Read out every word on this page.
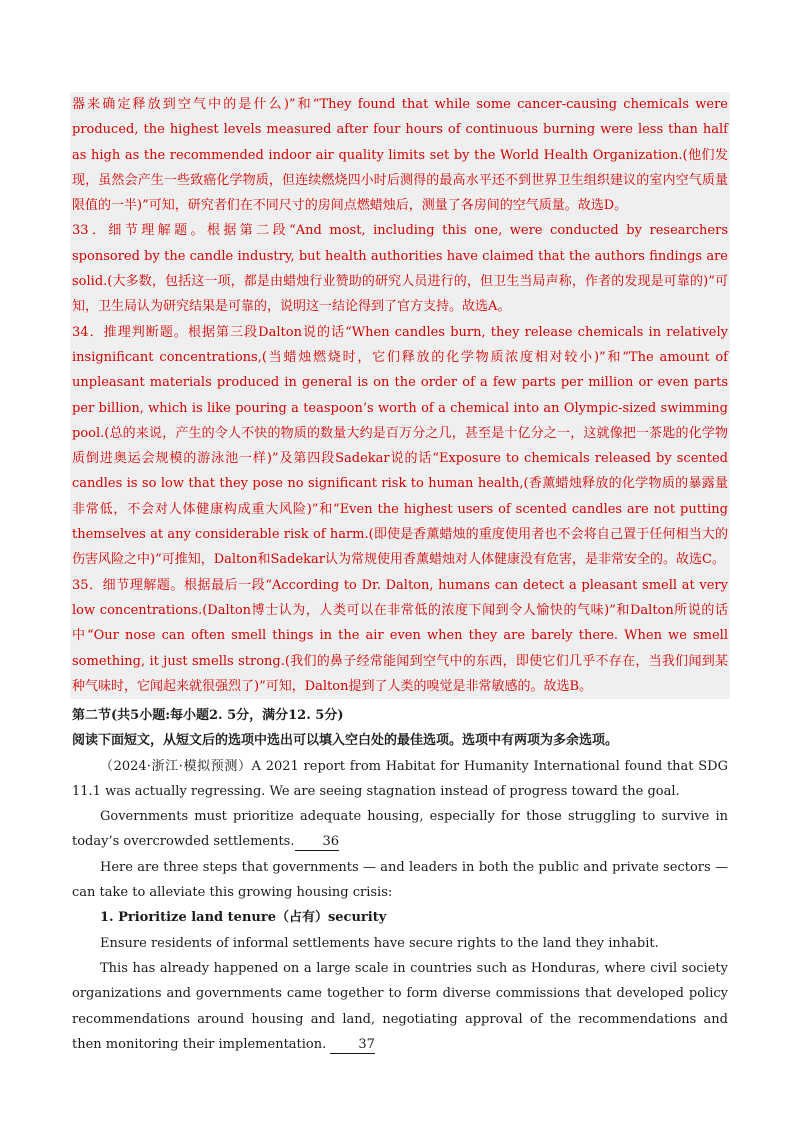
器来确定释放到空气中的是什么)”和“They found that while some cancer-causing chemicals were produced, the highest levels measured after four hours of continuous burning were less than half as high as the recommended indoor air quality limits set by the World Health Organization.(他们发现，虽然会产生一些致癌化学物质，但连续燃烧四小时后测得的最高水平还不到世界卫生组织建议的室内空气质量限值的一半)”可知，研究者们在不同尺寸的房间点燃蜡烛后，测量了各房间的空气质量。故选D。

33．细节理解题。根据第二段“And most, including this one, were conducted by researchers sponsored by the candle industry, but health authorities have claimed that the authors findings are solid.(大多数，包括这一项，都是由蜡烛行业赞助的研究人员进行的，但卫生当局声称，作者的发现是可靠的)”可知，卫生局认为研究结果是可靠的，说明这一结论得到了官方支持。故选A。

34．推理判断题。根据第三段Dalton说的话“When candles burn, they release chemicals in relatively insignificant concentrations,(当蜡烛燃烧时，它们释放的化学物质浓度相对较小)”和“The amount of unpleasant materials produced in general is on the order of a few parts per million or even parts per billion, which is like pouring a teaspoon’s worth of a chemical into an Olympic-sized swimming pool.(总的来说，产生的令人不快的物质的数量大约是百万分之几，甚至是十亿分之一，这就像把一茶匙的化学物质倒进奥运会规模的游泳池一样)”及第四段Sadekar说的话“Exposure to chemicals released by scented candles is so low that they pose no significant risk to human health,(香薰蜡烛释放的化学物质的暴露量非常低，不会对人体健康构成重大风险)”和“Even the highest users of scented candles are not putting themselves at any considerable risk of harm.(即使是香薰蜡烛的重度使用者也不会将自己置于任何相当大的伤害风险之中)”可推知，Dalton和Sadekar认为常规使用香薰蜡烛对人体健康没有危害，是非常安全的。故选C。

35．细节理解题。根据最后一段“According to Dr. Dalton, humans can detect a pleasant smell at very low concentrations.(Dalton博士认为，人类可以在非常低的浓度下闻到令人愉快的气味)”和Dalton所说的话中“Our nose can often smell things in the air even when they are barely there. When we smell something, it just smells strong.(我们的鼻子经常能闻到空气中的东西，即使它们几乎不存在，当我们闻到某种气味时，它闻起来就很强烈了)”可知，Dalton提到了人类的嗅觉是非常敏感的。故选B。

第二节(共5小题:每小题2. 5分，满分12. 5分)

阅读下面短文，从短文后的选项中选出可以填入空白处的最佳选项。选项中有两项为多余选项。

（2024·浙江·模拟预测）A 2021 report from Habitat for Humanity International found that SDG 11.1 was actually regressing. We are seeing stagnation instead of progress toward the goal.

Governments must prioritize adequate housing, especially for those struggling to survive in today’s overcrowded settlements. 36

Here are three steps that governments — and leaders in both the public and private sectors — can take to alleviate this growing housing crisis:

1. Prioritize land tenure（占有）security

Ensure residents of informal settlements have secure rights to the land they inhabit.

This has already happened on a large scale in countries such as Honduras, where civil society organizations and governments came together to form diverse commissions that developed policy recommendations around housing and land, negotiating approval of the recommendations and then monitoring their implementation. 37
